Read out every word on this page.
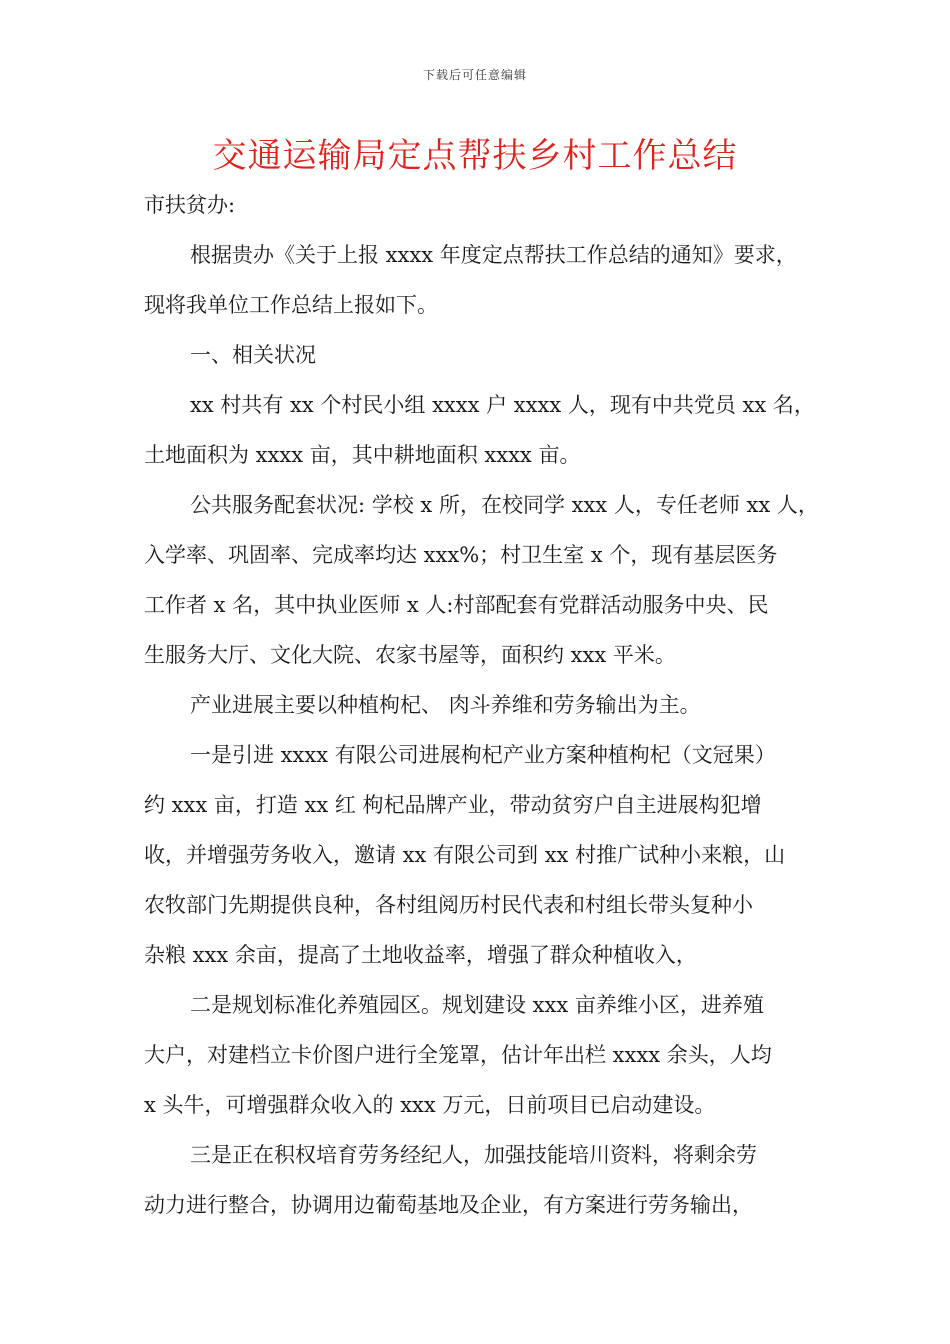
下载后可任意编辑
交通运输局定点帮扶乡村工作总结
市扶贫办:
根据贵办《关于上报 xxxx 年度定点帮扶工作总结的通知》要求，
现将我单位工作总结上报如下。
一、相关状况
xx 村共有 xx 个村民小组 xxxx 户 xxxx 人，现有中共党员 xx 名，
土地面积为 xxxx 亩，其中耕地面积 xxxx 亩。
公共服务配套状况: 学校 x 所，在校同学 xxx 人，专任老师 xx 人，
入学率、巩固率、完成率均达 xxx%；村卫生室 x 个，现有基层医务
工作者 x 名，其中执业医师 x 人:村部配套有党群活动服务中央、民
生服务大厅、文化大院、农家书屋等，面积约 xxx 平米。
产业进展主要以种植枸杞、 肉斗养维和劳务输出为主。
一是引进 xxxx 有限公司进展枸杞产业方案种植枸杞（文冠果）
约 xxx 亩，打造 xx 红 枸杞品牌产业，带动贫穷户自主进展构犯增
收，并增强劳务收入，邀请 xx 有限公司到 xx 村推广试种小来粮，山
农牧部门先期提供良种，各村组阅历村民代表和村组长带头复种小
杂粮 xxx 余亩，提高了土地收益率，增强了群众种植收入，
二是规划标准化养殖园区。规划建设 xxx 亩养维小区，进养殖
大户，对建档立卡价图户进行全笼罩，估计年出栏 xxxx 余头，人均
x 头牛，可增强群众收入的 xxx 万元，日前项目已启动建设。
三是正在积权培育劳务经纪人，加强技能培川资料，将剩余劳
动力进行整合，协调用边葡萄基地及企业，有方案进行劳务输出，
